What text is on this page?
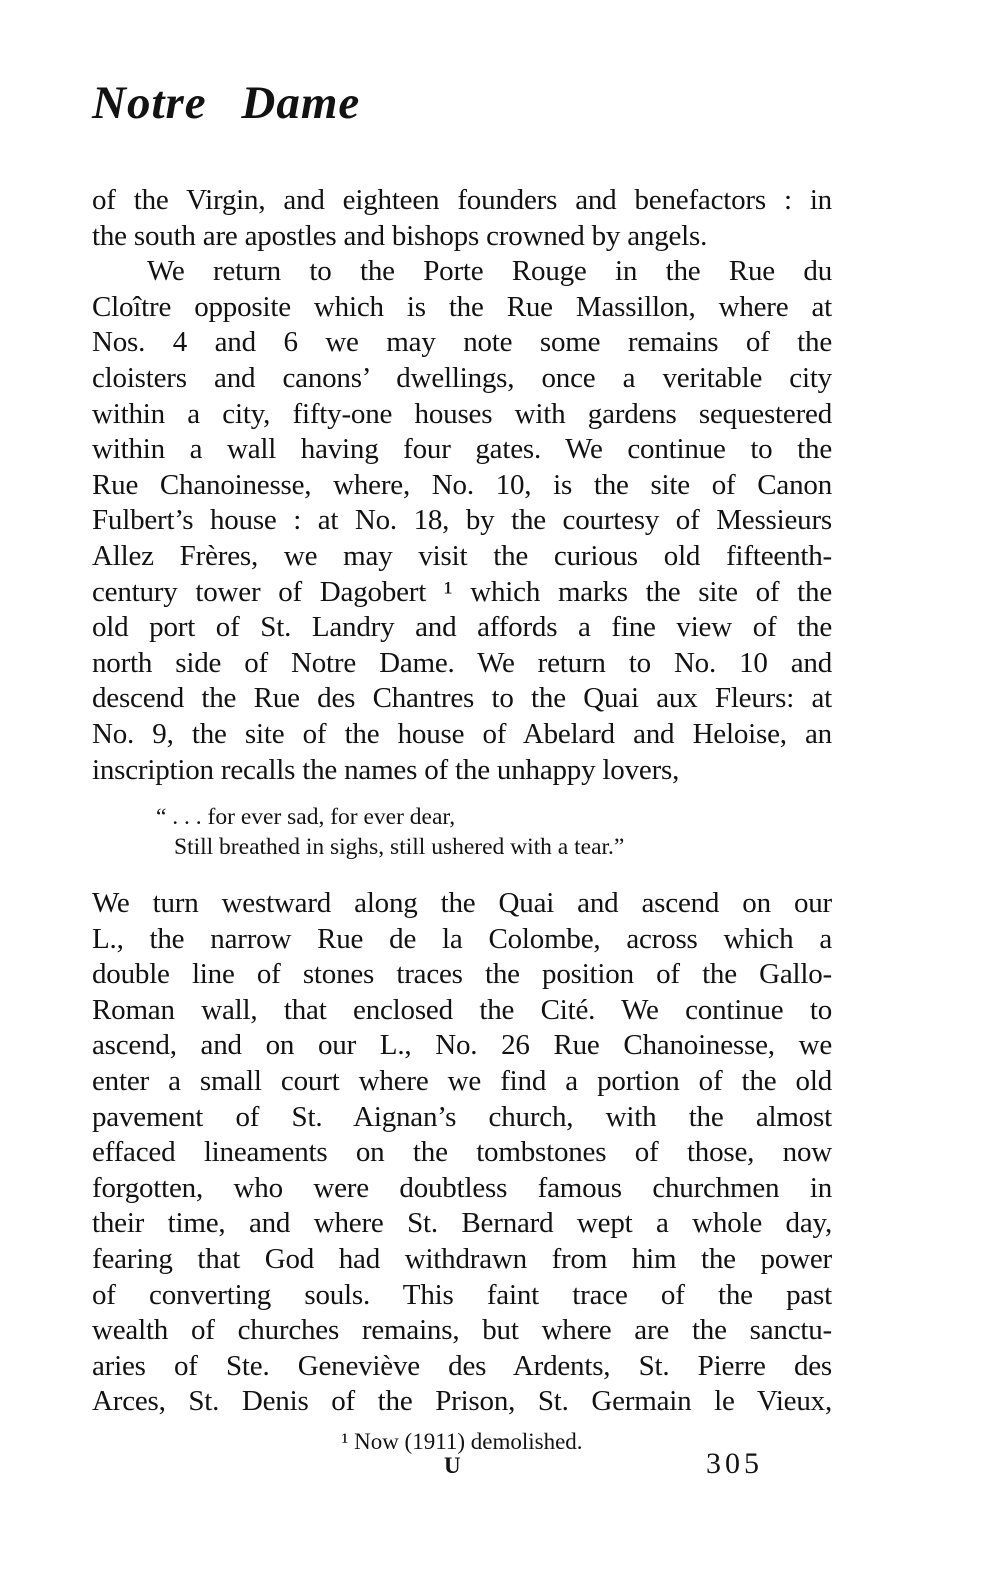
Notre Dame
of the Virgin, and eighteen founders and benefactors : in
the south are apostles and bishops crowned by angels.
We return to the Porte Rouge in the Rue du
Cloître opposite which is the Rue Massillon, where at
Nos. 4 and 6 we may note some remains of the
cloisters and canons’ dwellings, once a veritable city
within a city, fifty-one houses with gardens sequestered
within a wall having four gates. We continue to the
Rue Chanoinesse, where, No. 10, is the site of Canon
Fulbert’s house : at No. 18, by the courtesy of Messieurs
Allez Frères, we may visit the curious old fifteenth-
century tower of Dagobert ¹ which marks the site of the
old port of St. Landry and affords a fine view of the
north side of Notre Dame. We return to No. 10 and
descend the Rue des Chantres to the Quai aux Fleurs: at
No. 9, the site of the house of Abelard and Heloise, an
inscription recalls the names of the unhappy lovers,
“ . . . for ever sad, for ever dear,
Still breathed in sighs, still ushered with a tear.”
We turn westward along the Quai and ascend on our
L., the narrow Rue de la Colombe, across which a
double line of stones traces the position of the Gallo-
Roman wall, that enclosed the Cité. We continue to
ascend, and on our L., No. 26 Rue Chanoinesse, we
enter a small court where we find a portion of the old
pavement of St. Aignan’s church, with the almost
effaced lineaments on the tombstones of those, now
forgotten, who were doubtless famous churchmen in
their time, and where St. Bernard wept a whole day,
fearing that God had withdrawn from him the power
of converting souls. This faint trace of the past
wealth of churches remains, but where are the sanctu-
aries of Ste. Geneviève des Ardents, St. Pierre des
Arces, St. Denis of the Prison, St. Germain le Vieux,
¹ Now (1911) demolished.
U	305
